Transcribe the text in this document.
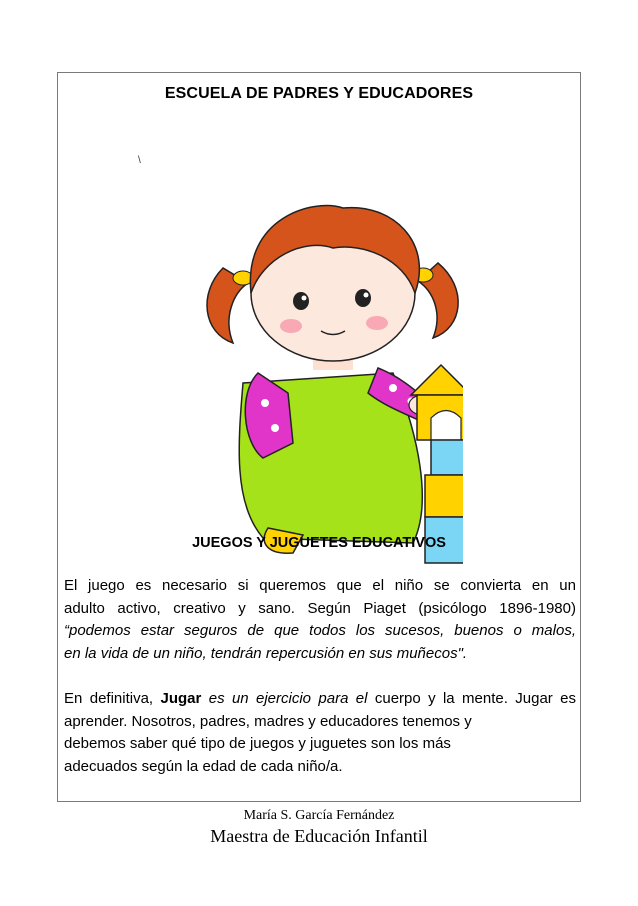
ESCUELA DE PADRES Y EDUCADORES
\
JUEGOS Y JUGUETES EDUCATIVOS
El juego es necesario si queremos que el niño se convierta en un
adulto activo, creativo y sano. Según Piaget (psicólogo 1896-1980)
“podemos estar seguros de que todos los sucesos, buenos o malos,
en la vida de un niño, tendrán repercusión en sus muñecos".
En definitiva, Jugar es un ejercicio para el cuerpo y la mente. Jugar es
aprender. Nosotros, padres, madres y educadores tenemos y
debemos saber qué tipo de juegos y juguetes son los más
adecuados según la edad de cada niño/a.
María S. García Fernández
Maestra de Educación Infantil
